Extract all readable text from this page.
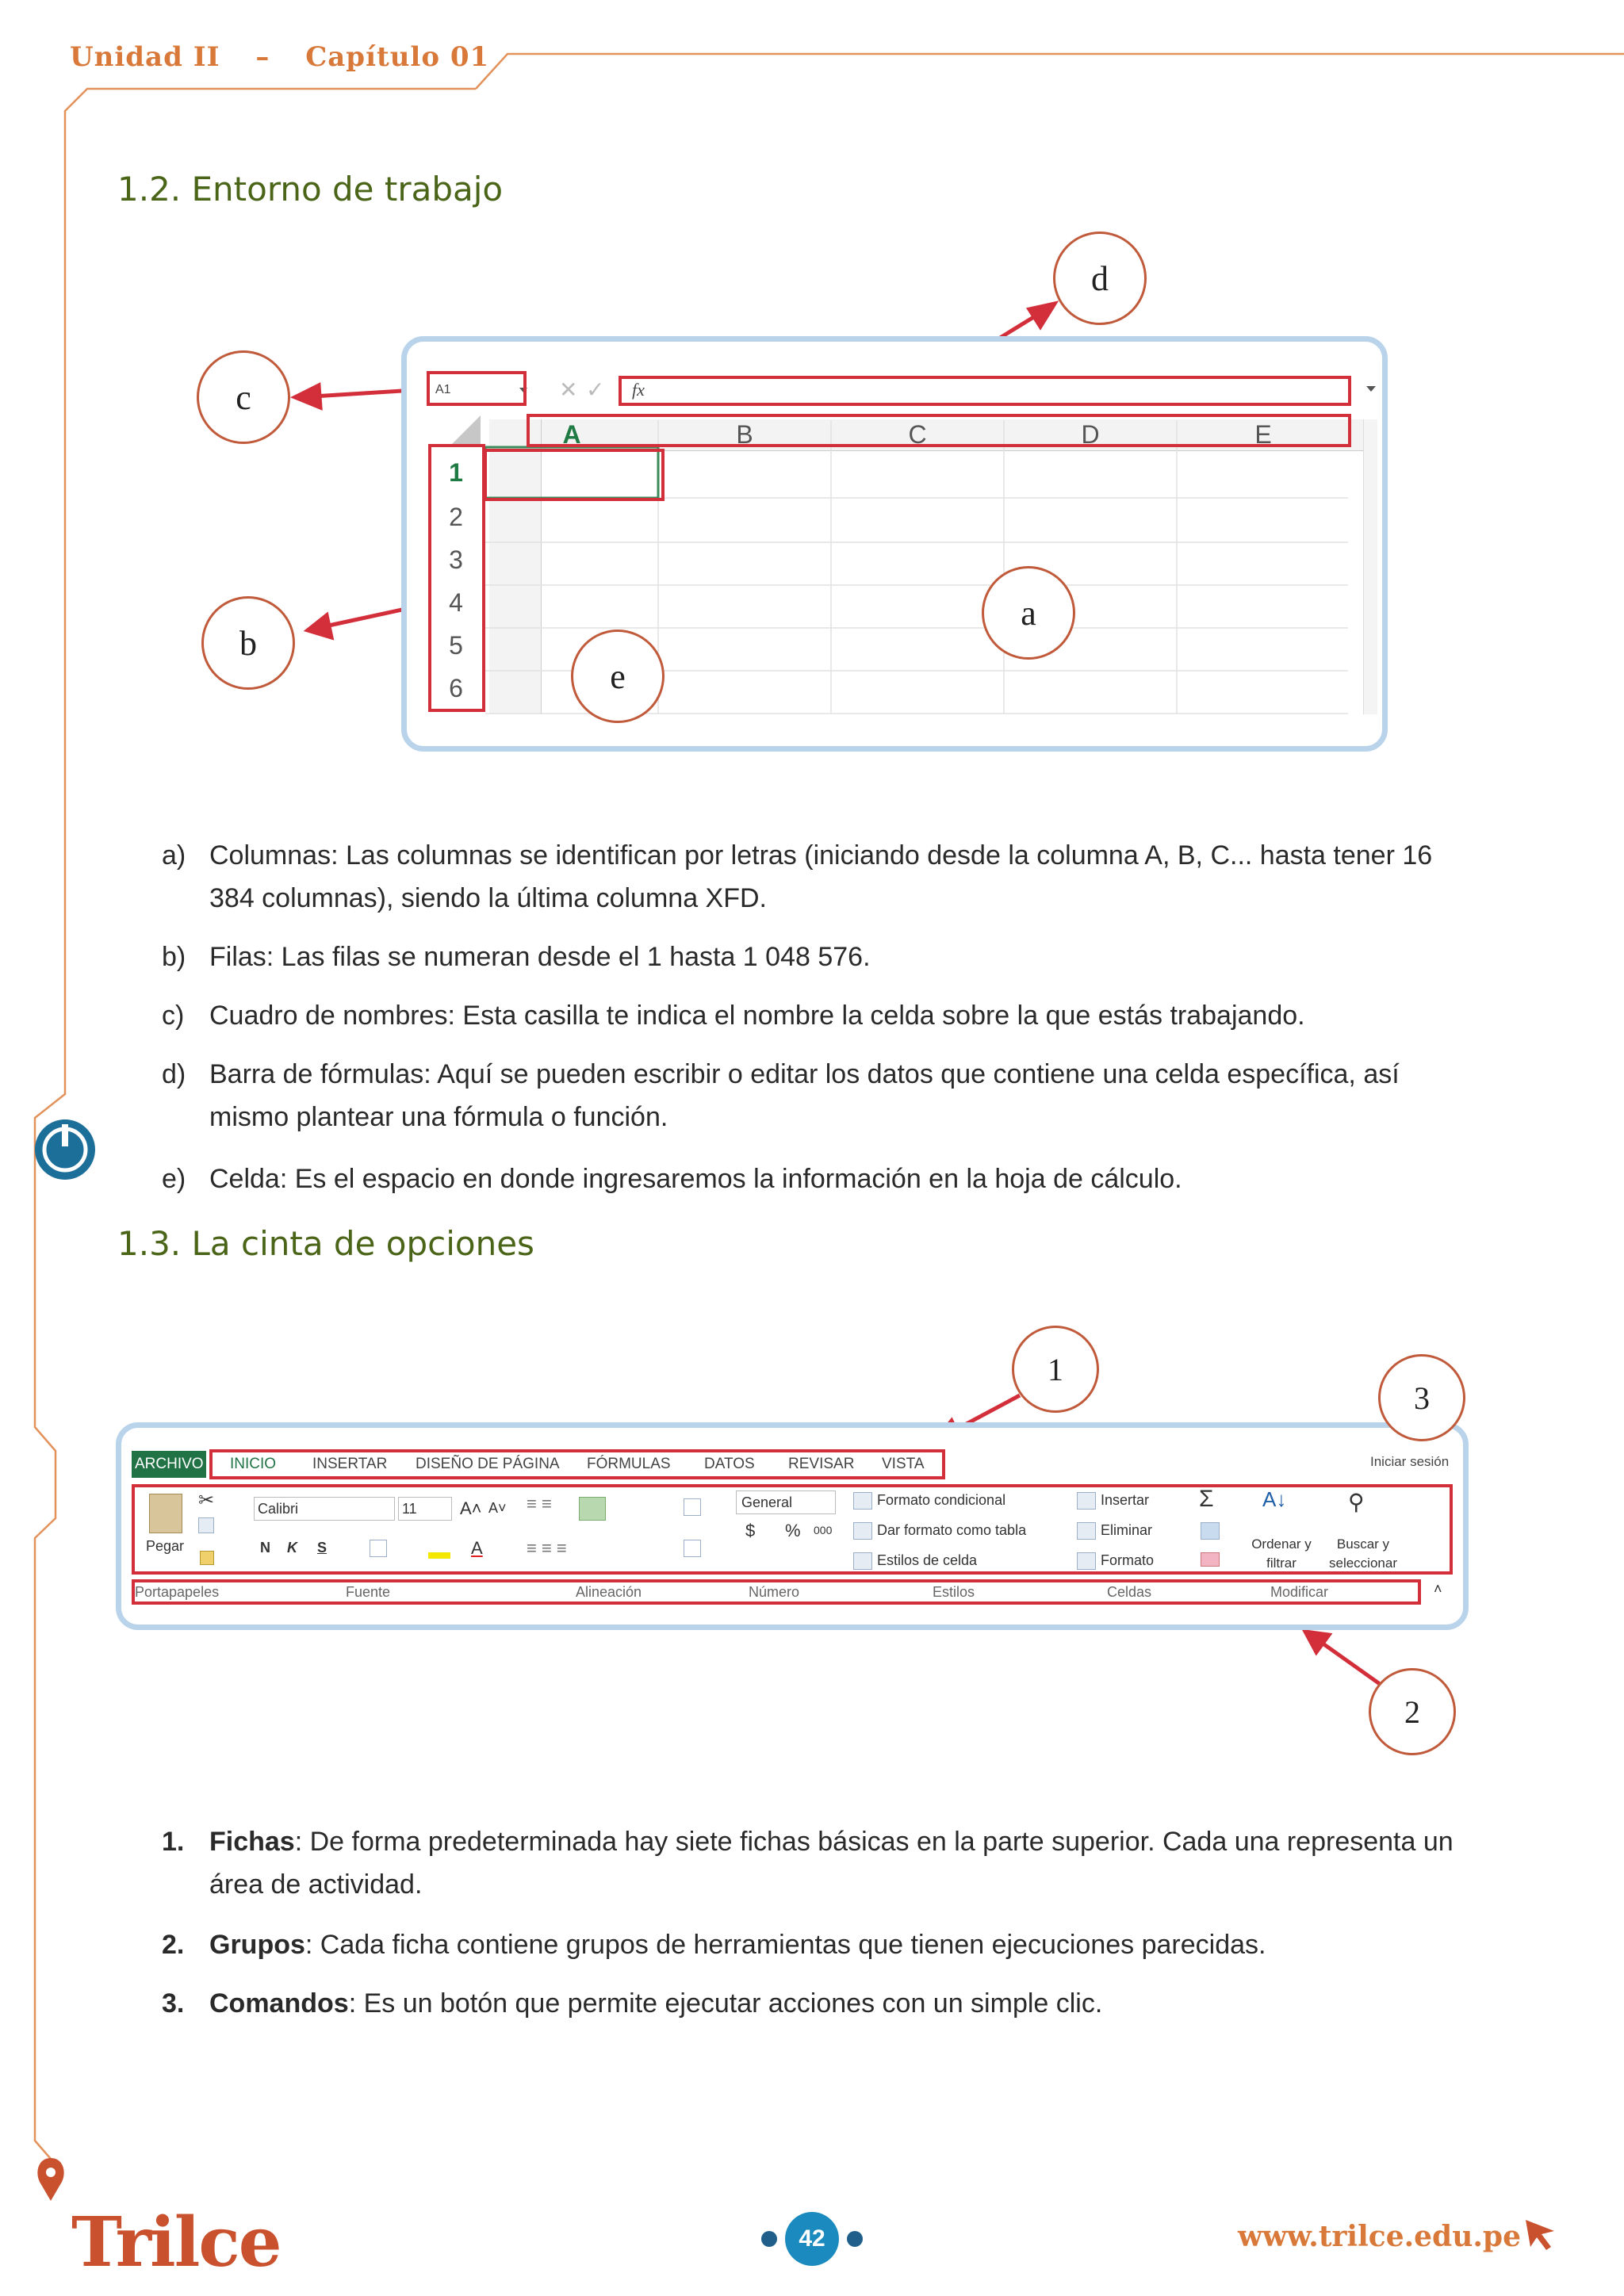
Unidad II – Capítulo 01
1.2. Entorno de trabajo
A1	✕ ✓ fx
A	B	C	D	E
1
2
3
4
5
6
c
d
a
b
e
a) Columnas: Las columnas se identifican por letras (iniciando desde la columna A, B, C... hasta tener 16 384 columnas), siendo la última columna XFD.
b) Filas: Las filas se numeran desde el 1 hasta 1 048 576.
c) Cuadro de nombres: Esta casilla te indica el nombre la celda sobre la que estás trabajando.
d) Barra de fórmulas: Aquí se pueden escribir o editar los datos que contiene una celda específica, así mismo plantear una fórmula o función.
e) Celda: Es el espacio en donde ingresaremos la información en la hoja de cálculo.
1.3. La cinta de opciones
ARCHIVO INICIO INSERTAR DISEÑO DE PÁGINA FÓRMULAS DATOS REVISAR VISTA	Iniciar sesión
Pegar
✂	Calibri	11 A˄ A˅
N K S	A
≡ ≡
≡ ≡ ≡
General
$ % 000
Formato condicional
Dar formato como tabla
Estilos de celda
Insertar
Eliminar
Formato
Σ A↓
Ordenar y filtrar
⚲
Buscar y seleccionar
Portapapeles	Fuente	Alineación	Número	Estilos	Celdas	Modificar	˄
1
3
2
1. Fichas: De forma predeterminada hay siete fichas básicas en la parte superior. Cada una representa un área de actividad.
2. Grupos: Cada ficha contiene grupos de herramientas que tienen ejecuciones parecidas.
3. Comandos: Es un botón que permite ejecutar acciones con un simple clic.
Trilce	42	www.trilce.edu.pe
